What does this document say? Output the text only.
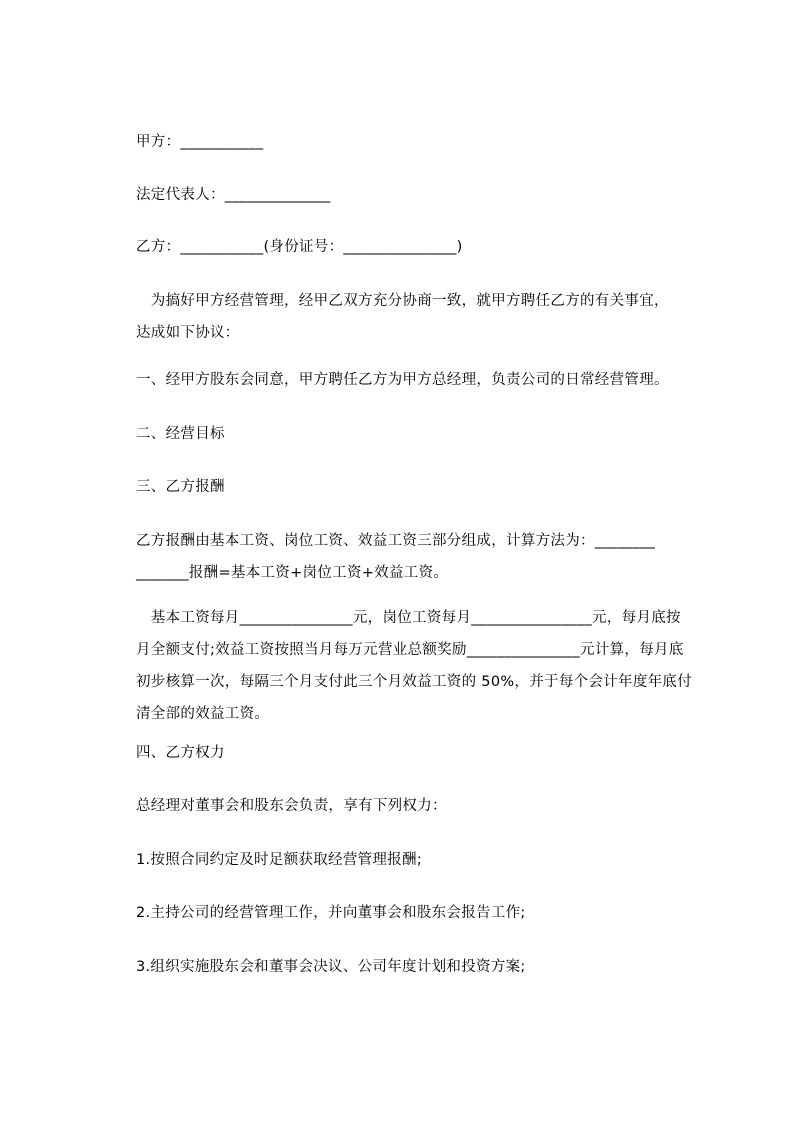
甲方：___________
法定代表人：______________
乙方：___________(身份证号：_______________)
　为搞好甲方经营管理，经甲乙双方充分协商一致，就甲方聘任乙方的有关事宜，
达成如下协议：
一、经甲方股东会同意，甲方聘任乙方为甲方总经理，负责公司的日常经营管理。
二、经营目标
三、乙方报酬
乙方报酬由基本工资、岗位工资、效益工资三部分组成，计算方法为：________
_______报酬=基本工资+岗位工资+效益工资。
　基本工资每月_______________元，岗位工资每月________________元，每月底按
月全额支付;效益工资按照当月每万元营业总额奖励_______________元计算，每月底
初步核算一次，每隔三个月支付此三个月效益工资的 50%，并于每个会计年度年底付
清全部的效益工资。
四、乙方权力
总经理对董事会和股东会负责，享有下列权力：
1.按照合同约定及时足额获取经营管理报酬;
2.主持公司的经营管理工作，并向董事会和股东会报告工作;
3.组织实施股东会和董事会决议、公司年度计划和投资方案;
